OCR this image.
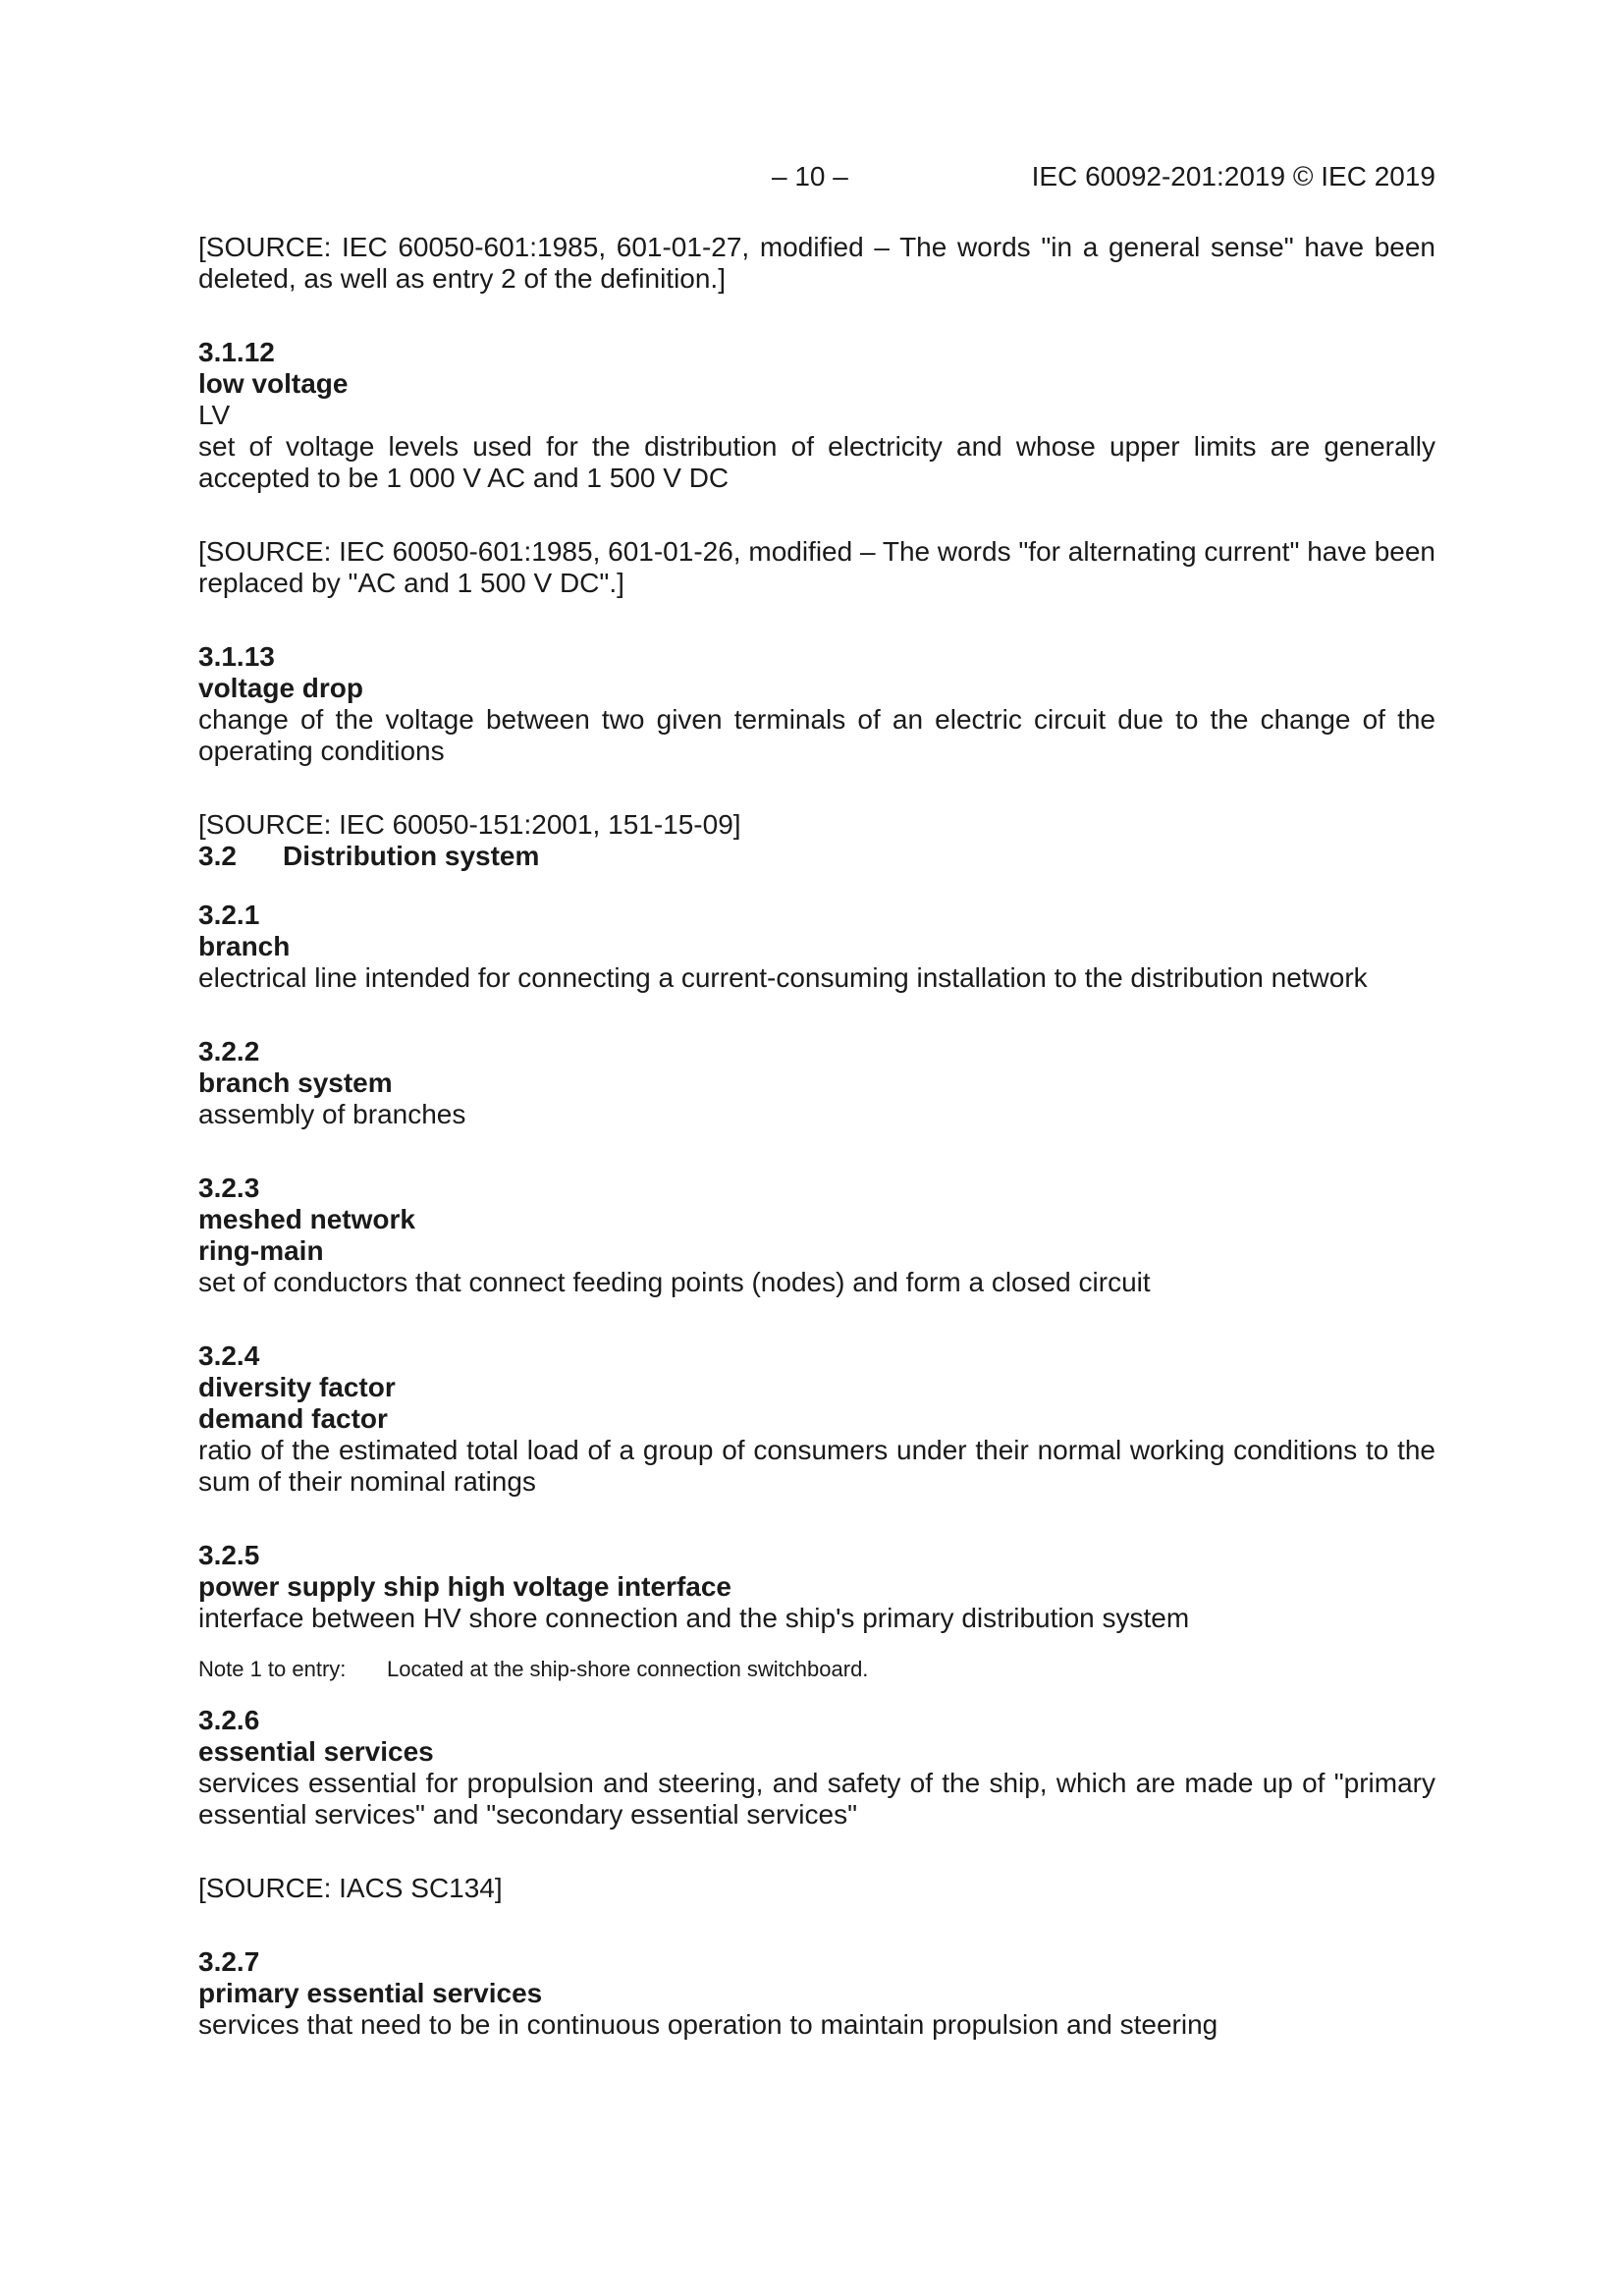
– 10 –	IEC 60092-201:2019 © IEC 2019

[SOURCE: IEC 60050-601:1985, 601-01-27, modified – The words "in a general sense" have been deleted, as well as entry 2 of the definition.]

3.1.12

low voltage

LV

set of voltage levels used for the distribution of electricity and whose upper limits are generally accepted to be 1 000 V AC and 1 500 V DC

[SOURCE: IEC 60050-601:1985, 601-01-26, modified – The words "for alternating current" have been replaced by "AC and 1 500 V DC".]

3.1.13

voltage drop

change of the voltage between two given terminals of an electric circuit due to the change of the operating conditions

[SOURCE: IEC 60050-151:2001, 151-15-09]

3.2 Distribution system

3.2.1

branch

electrical line intended for connecting a current-consuming installation to the distribution network

3.2.2

branch system

assembly of branches

3.2.3

meshed network

ring-main

set of conductors that connect feeding points (nodes) and form a closed circuit

3.2.4

diversity factor

demand factor

ratio of the estimated total load of a group of consumers under their normal working conditions to the sum of their nominal ratings

3.2.5

power supply ship high voltage interface

interface between HV shore connection and the ship's primary distribution system

Note 1 to entry: Located at the ship-shore connection switchboard.

3.2.6

essential services

services essential for propulsion and steering, and safety of the ship, which are made up of "primary essential services" and "secondary essential services"

[SOURCE: IACS SC134]

3.2.7

primary essential services

services that need to be in continuous operation to maintain propulsion and steering
